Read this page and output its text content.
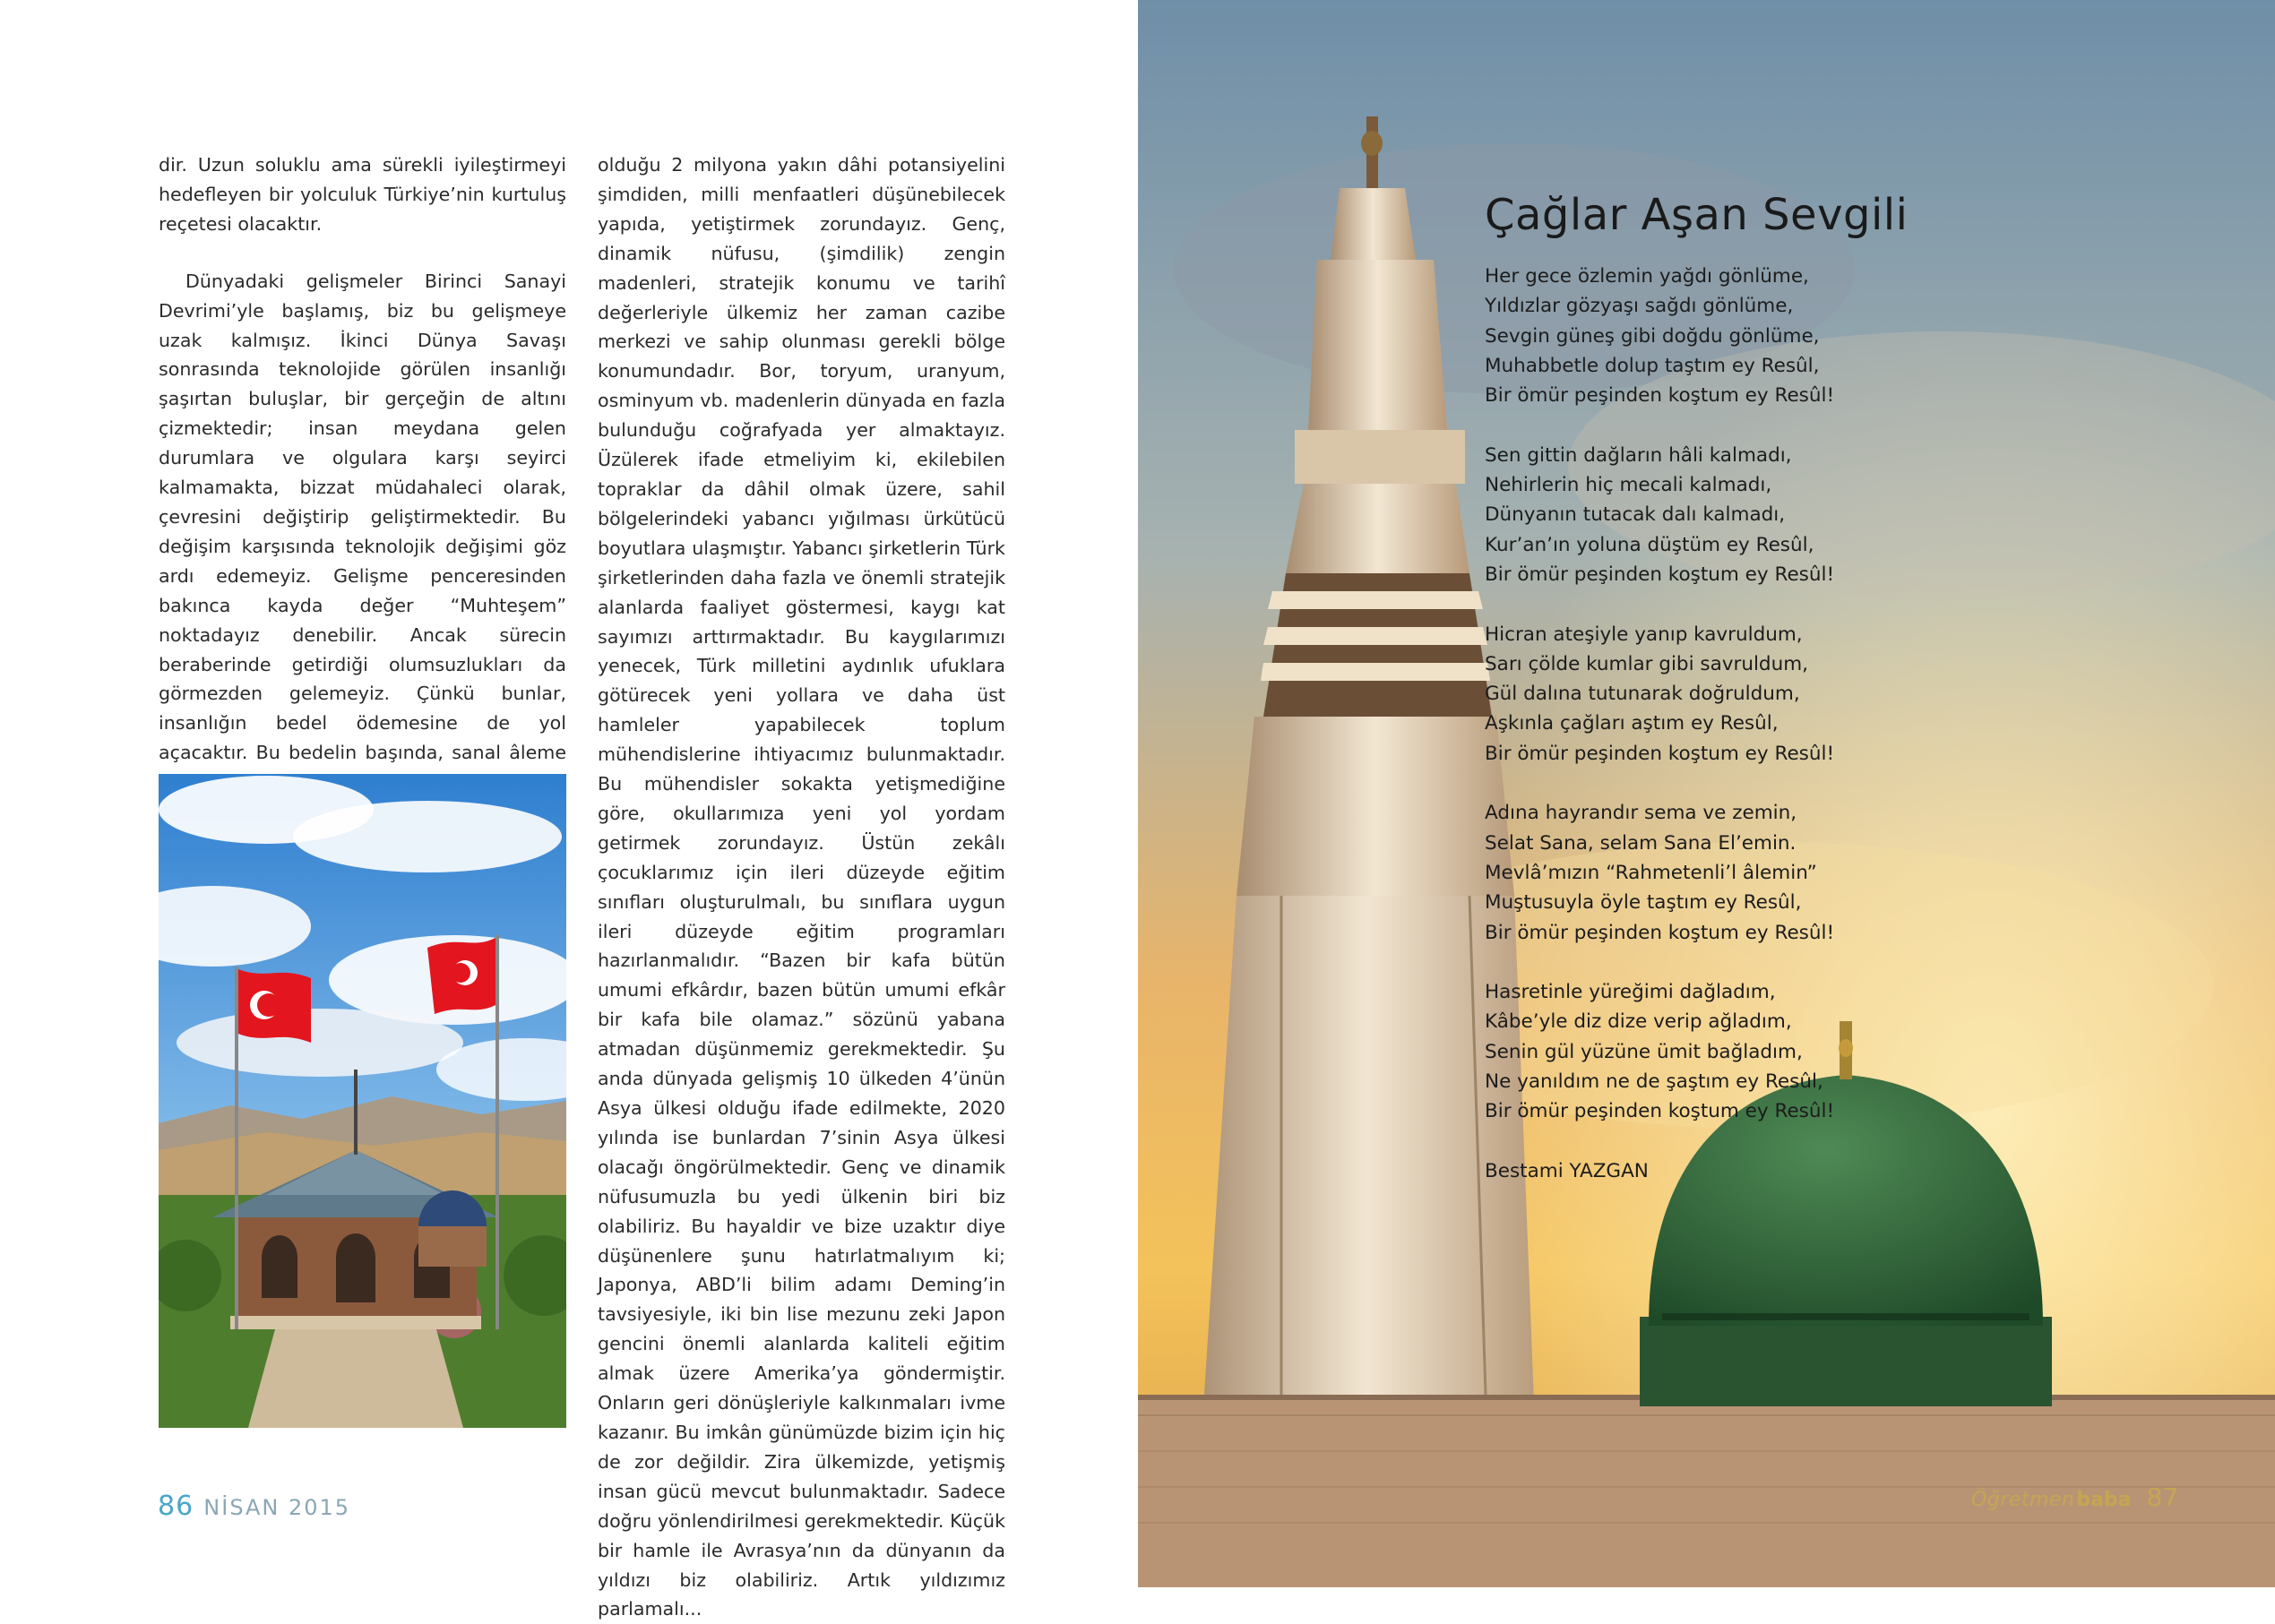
dir. Uzun soluklu ama sürekli iyileştirmeyi hedefleyen bir yolculuk Türkiye’nin kurtuluş reçetesi olacaktır.

Dünyadaki gelişmeler Birinci Sanayi Devrimi’yle başlamış, biz bu gelişmeye uzak kalmışız. İkinci Dünya Savaşı sonrasında teknolojide görülen insanlığı şaşırtan buluşlar, bir gerçeğin de altını çizmektedir; insan meydana gelen durumlara ve olgulara karşı seyirci kalmamakta, bizzat müdahaleci olarak, çevresini değiştirip geliştirmektedir. Bu değişim karşısında teknolojik değişimi göz ardı edemeyiz. Gelişme penceresinden bakınca kayda değer “Muhteşem” noktadayız denebilir. Ancak sürecin beraberinde getirdiği olumsuzlukları da görmezden gelemeyiz. Çünkü bunlar, insanlığın bedel ödemesine de yol açacaktır. Bu bedelin başında, sanal âleme

olduğu 2 milyona yakın dâhi potansiyelini şimdiden, milli menfaatleri düşünebilecek yapıda, yetiştirmek zorundayız. Genç, dinamik nüfusu, (şimdilik) zengin madenleri, stratejik konumu ve tarihî değerleriyle ülkemiz her zaman cazibe merkezi ve sahip olunması gerekli bölge konumundadır. Bor, toryum, uranyum, osminyum vb. madenlerin dünyada en fazla bulunduğu coğrafyada yer almaktayız. Üzülerek ifade etmeliyim ki, ekilebilen topraklar da dâhil olmak üzere, sahil bölgelerindeki yabancı yığılması ürkütücü boyutlara ulaşmıştır. Yabancı şirketlerin Türk şirketlerinden daha fazla ve önemli stratejik alanlarda faaliyet göstermesi, kaygı kat sayımızı arttırmaktadır. Bu kaygılarımızı yenecek, Türk milletini aydınlık ufuklara götürecek yeni yollara ve daha üst hamleler yapabilecek toplum mühendislerine ihtiyacımız bulunmaktadır. Bu mühendisler sokakta yetişmediğine göre, okullarımıza yeni yol yordam getirmek zorundayız. Üstün zekâlı çocuklarımız için ileri düzeyde eğitim sınıfları oluşturulmalı, bu sınıflara uygun ileri düzeyde eğitim programları hazırlanmalıdır. “Bazen bir kafa bütün umumi efkârdır, bazen bütün umumi efkâr bir kafa bile olamaz.” sözünü yabana atmadan düşünmemiz gerekmektedir. Şu anda dünyada gelişmiş 10 ülkeden 4’ünün Asya ülkesi olduğu ifade edilmekte, 2020 yılında ise bunlardan 7’sinin Asya ülkesi olacağı öngörülmektedir. Genç ve dinamik nüfusumuzla bu yedi ülkenin biri biz olabiliriz. Bu hayaldir ve bize uzaktır diye düşünenlere şunu hatırlatmalıyım ki; Japonya, ABD’li bilim adamı Deming’in tavsiyesiyle, iki bin lise mezunu zeki Japon gencini önemli alanlarda kaliteli eğitim almak üzere Amerika’ya göndermiştir. Onların geri dönüşleriyle kalkınmaları ivme kazanır. Bu imkân günümüzde bizim için hiç de zor değildir. Zira ülkemizde, yetişmiş insan gücü mevcut bulunmaktadır. Sadece doğru yönlendirilmesi gerekmektedir. Küçük bir hamle ile Avrasya’nın da dünyanın da yıldızı biz olabiliriz. Artık yıldızımız parlamalı...

86 NİSAN 2015
Çağlar Aşan Sevgili
Her gece özlemin yağdı gönlüme,
Yıldızlar gözyaşı sağdı gönlüme,
Sevgin güneş gibi doğdu gönlüme,
Muhabbetle dolup taştım ey Resûl,
Bir ömür peşinden koştum ey Resûl!
Sen gittin dağların hâli kalmadı,
Nehirlerin hiç mecali kalmadı,
Dünyanın tutacak dalı kalmadı,
Kur’an’ın yoluna düştüm ey Resûl,
Bir ömür peşinden koştum ey Resûl!
Hicran ateşiyle yanıp kavruldum,
Sarı çölde kumlar gibi savruldum,
Gül dalına tutunarak doğruldum,
Aşkınla çağları aştım ey Resûl,
Bir ömür peşinden koştum ey Resûl!
Adına hayrandır sema ve zemin,
Selat Sana, selam Sana El’emin.
Mevlâ’mızın “Rahmetenli’l âlemin”
Muştusuyla öyle taştım ey Resûl,
Bir ömür peşinden koştum ey Resûl!
Hasretinle yüreğimi dağladım,
Kâbe’yle diz dize verip ağladım,
Senin gül yüzüne ümit bağladım,
Ne yanıldım ne de şaştım ey Resûl,
Bir ömür peşinden koştum ey Resûl!
Bestami YAZGAN
Öğretmenbaba 87
